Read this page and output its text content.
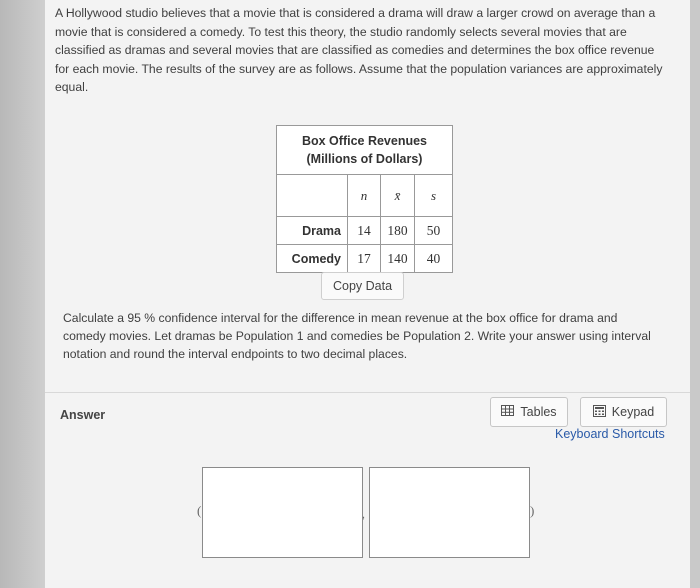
A Hollywood studio believes that a movie that is considered a drama will draw a larger crowd on average than a movie that is considered a comedy. To test this theory, the studio randomly selects several movies that are classified as dramas and several movies that are classified as comedies and determines the box office revenue for each movie. The results of the survey are as follows. Assume that the population variances are approximately equal.

Box Office Revenues
(Millions of Dollars)			

	n	x̄	s
Drama	14	180	50
Comedy	17	140	40
Copy Data

Calculate a 95 % confidence interval for the difference in mean revenue at the box office for drama and comedy movies. Let dramas be Population 1 and comedies be Population 2. Write your answer using interval notation and round the interval endpoints to two decimal places.

Answer	Tables	Keypad
Keyboard Shortcuts
(	,	)
